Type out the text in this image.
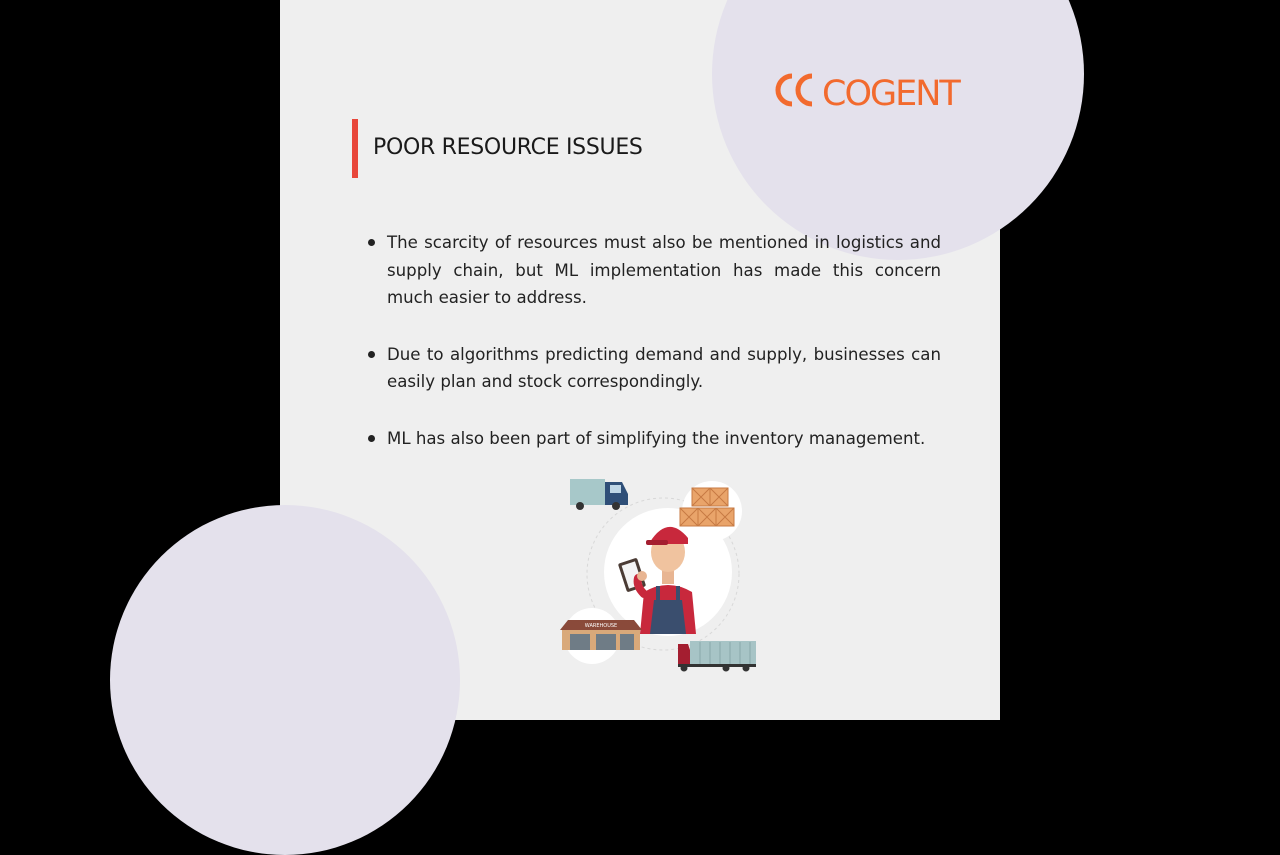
COGENT
POOR RESOURCE ISSUES
The scarcity of resources must also be mentioned in logistics and supply chain, but ML implementation has made this concern much easier to address.
Due to algorithms predicting demand and supply, businesses can easily plan and stock correspondingly.
ML has also been part of simplifying the inventory management.
WAREHOUSE
